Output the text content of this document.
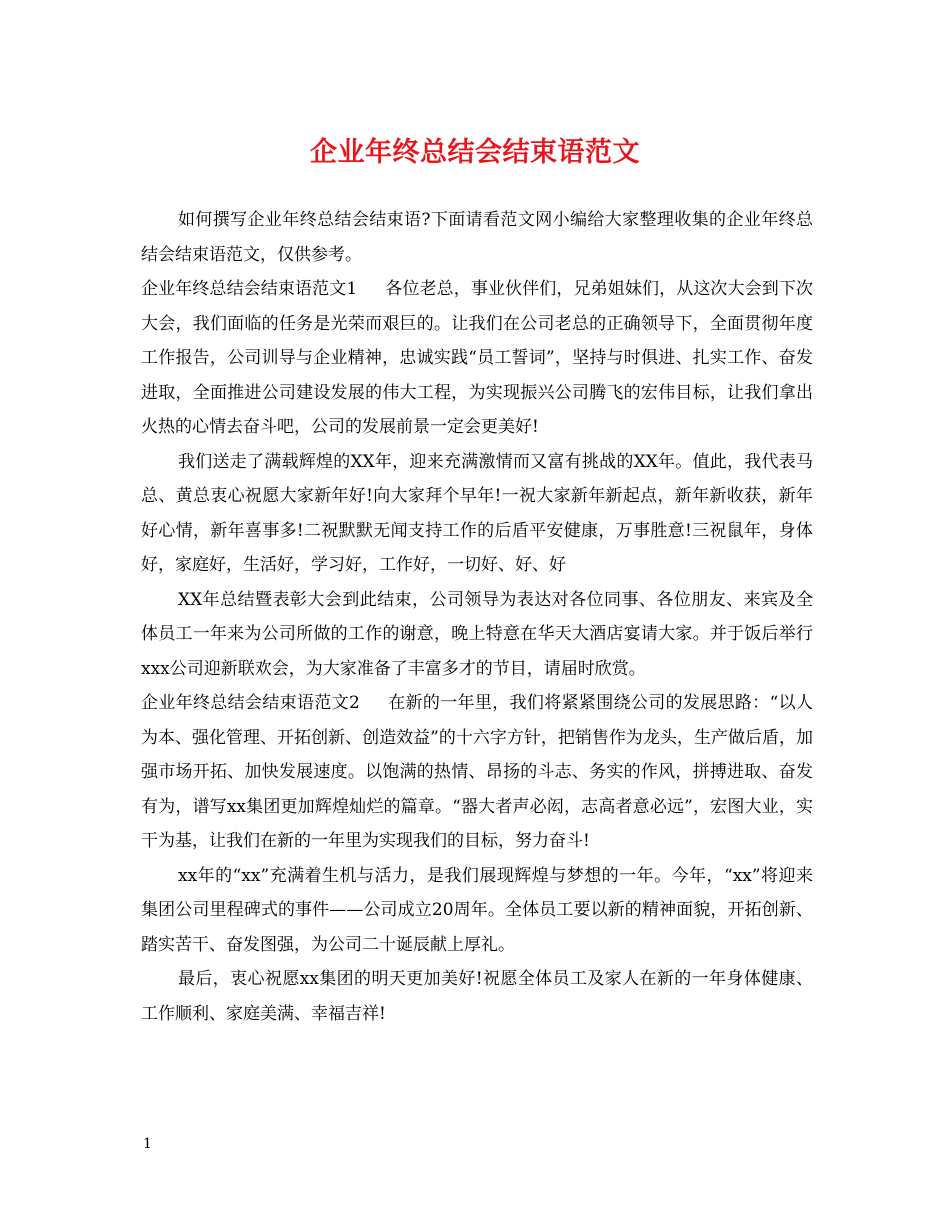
企业年终总结会结束语范文

如何撰写企业年终总结会结束语?下面请看范文网小编给大家整理收集的企业年终总结会结束语范文，仅供参考。

企业年终总结会结束语范文1 各位老总，事业伙伴们，兄弟姐妹们，从这次大会到下次大会，我们面临的任务是光荣而艰巨的。让我们在公司老总的正确领导下，全面贯彻年度工作报告，公司训导与企业精神，忠诚实践“员工誓词”，坚持与时俱进、扎实工作、奋发进取，全面推进公司建设发展的伟大工程，为实现振兴公司腾飞的宏伟目标，让我们拿出火热的心情去奋斗吧，公司的发展前景一定会更美好!

我们送走了满载辉煌的XX年，迎来充满激情而又富有挑战的XX年。值此，我代表马总、黄总衷心祝愿大家新年好!向大家拜个早年!一祝大家新年新起点，新年新收获，新年好心情，新年喜事多!二祝默默无闻支持工作的后盾平安健康，万事胜意!三祝鼠年，身体好，家庭好，生活好，学习好，工作好，一切好、好、好

XX年总结暨表彰大会到此结束，公司领导为表达对各位同事、各位朋友、来宾及全体员工一年来为公司所做的工作的谢意，晚上特意在华天大酒店宴请大家。并于饭后举行xxx公司迎新联欢会，为大家准备了丰富多才的节目，请届时欣赏。

企业年终总结会结束语范文2 在新的一年里，我们将紧紧围绕公司的发展思路：“以人为本、强化管理、开拓创新、创造效益”的十六字方针，把销售作为龙头，生产做后盾，加强市场开拓、加快发展速度。以饱满的热情、昂扬的斗志、务实的作风，拼搏进取、奋发有为，谱写xx集团更加辉煌灿烂的篇章。“器大者声必闳，志高者意必远”，宏图大业，实干为基，让我们在新的一年里为实现我们的目标，努力奋斗!

xx年的“xx”充满着生机与活力，是我们展现辉煌与梦想的一年。今年，“xx”将迎来集团公司里程碑式的事件——公司成立20周年。全体员工要以新的精神面貌，开拓创新、踏实苦干、奋发图强，为公司二十诞辰献上厚礼。

最后，衷心祝愿xx集团的明天更加美好!祝愿全体员工及家人在新的一年身体健康、工作顺利、家庭美满、幸福吉祥!

1
